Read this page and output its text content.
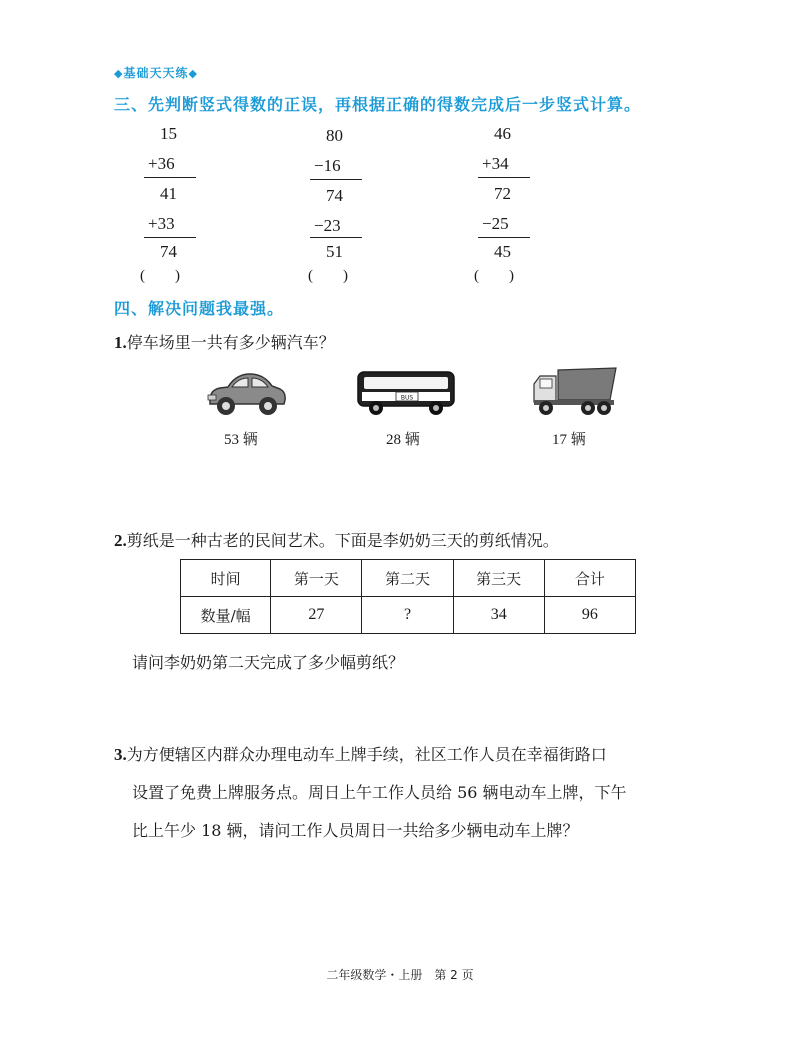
◆基础天天练◆
三、先判断竖式得数的正误，再根据正确的得数完成后一步竖式计算。
15
+36
41
+33
74
(　　)
80
−16
74
−23
51
(　　)
46
+34
72
−25
45
(　　)
四、解决问题我最强。
1.停车场里一共有多少辆汽车？
53 辆
BUS
28 辆	17 辆
2.剪纸是一种古老的民间艺术。下面是李奶奶三天的剪纸情况。
时间	第一天	第二天	第三天	合计
数量/幅	27	?	34	96
请问李奶奶第二天完成了多少幅剪纸？
3.为方便辖区内群众办理电动车上牌手续，社区工作人员在幸福街路口
设置了免费上牌服务点。周日上午工作人员给 56 辆电动车上牌，下午
比上午少 18 辆，请问工作人员周日一共给多少辆电动车上牌？
二年级数学・上册　第 2 页
